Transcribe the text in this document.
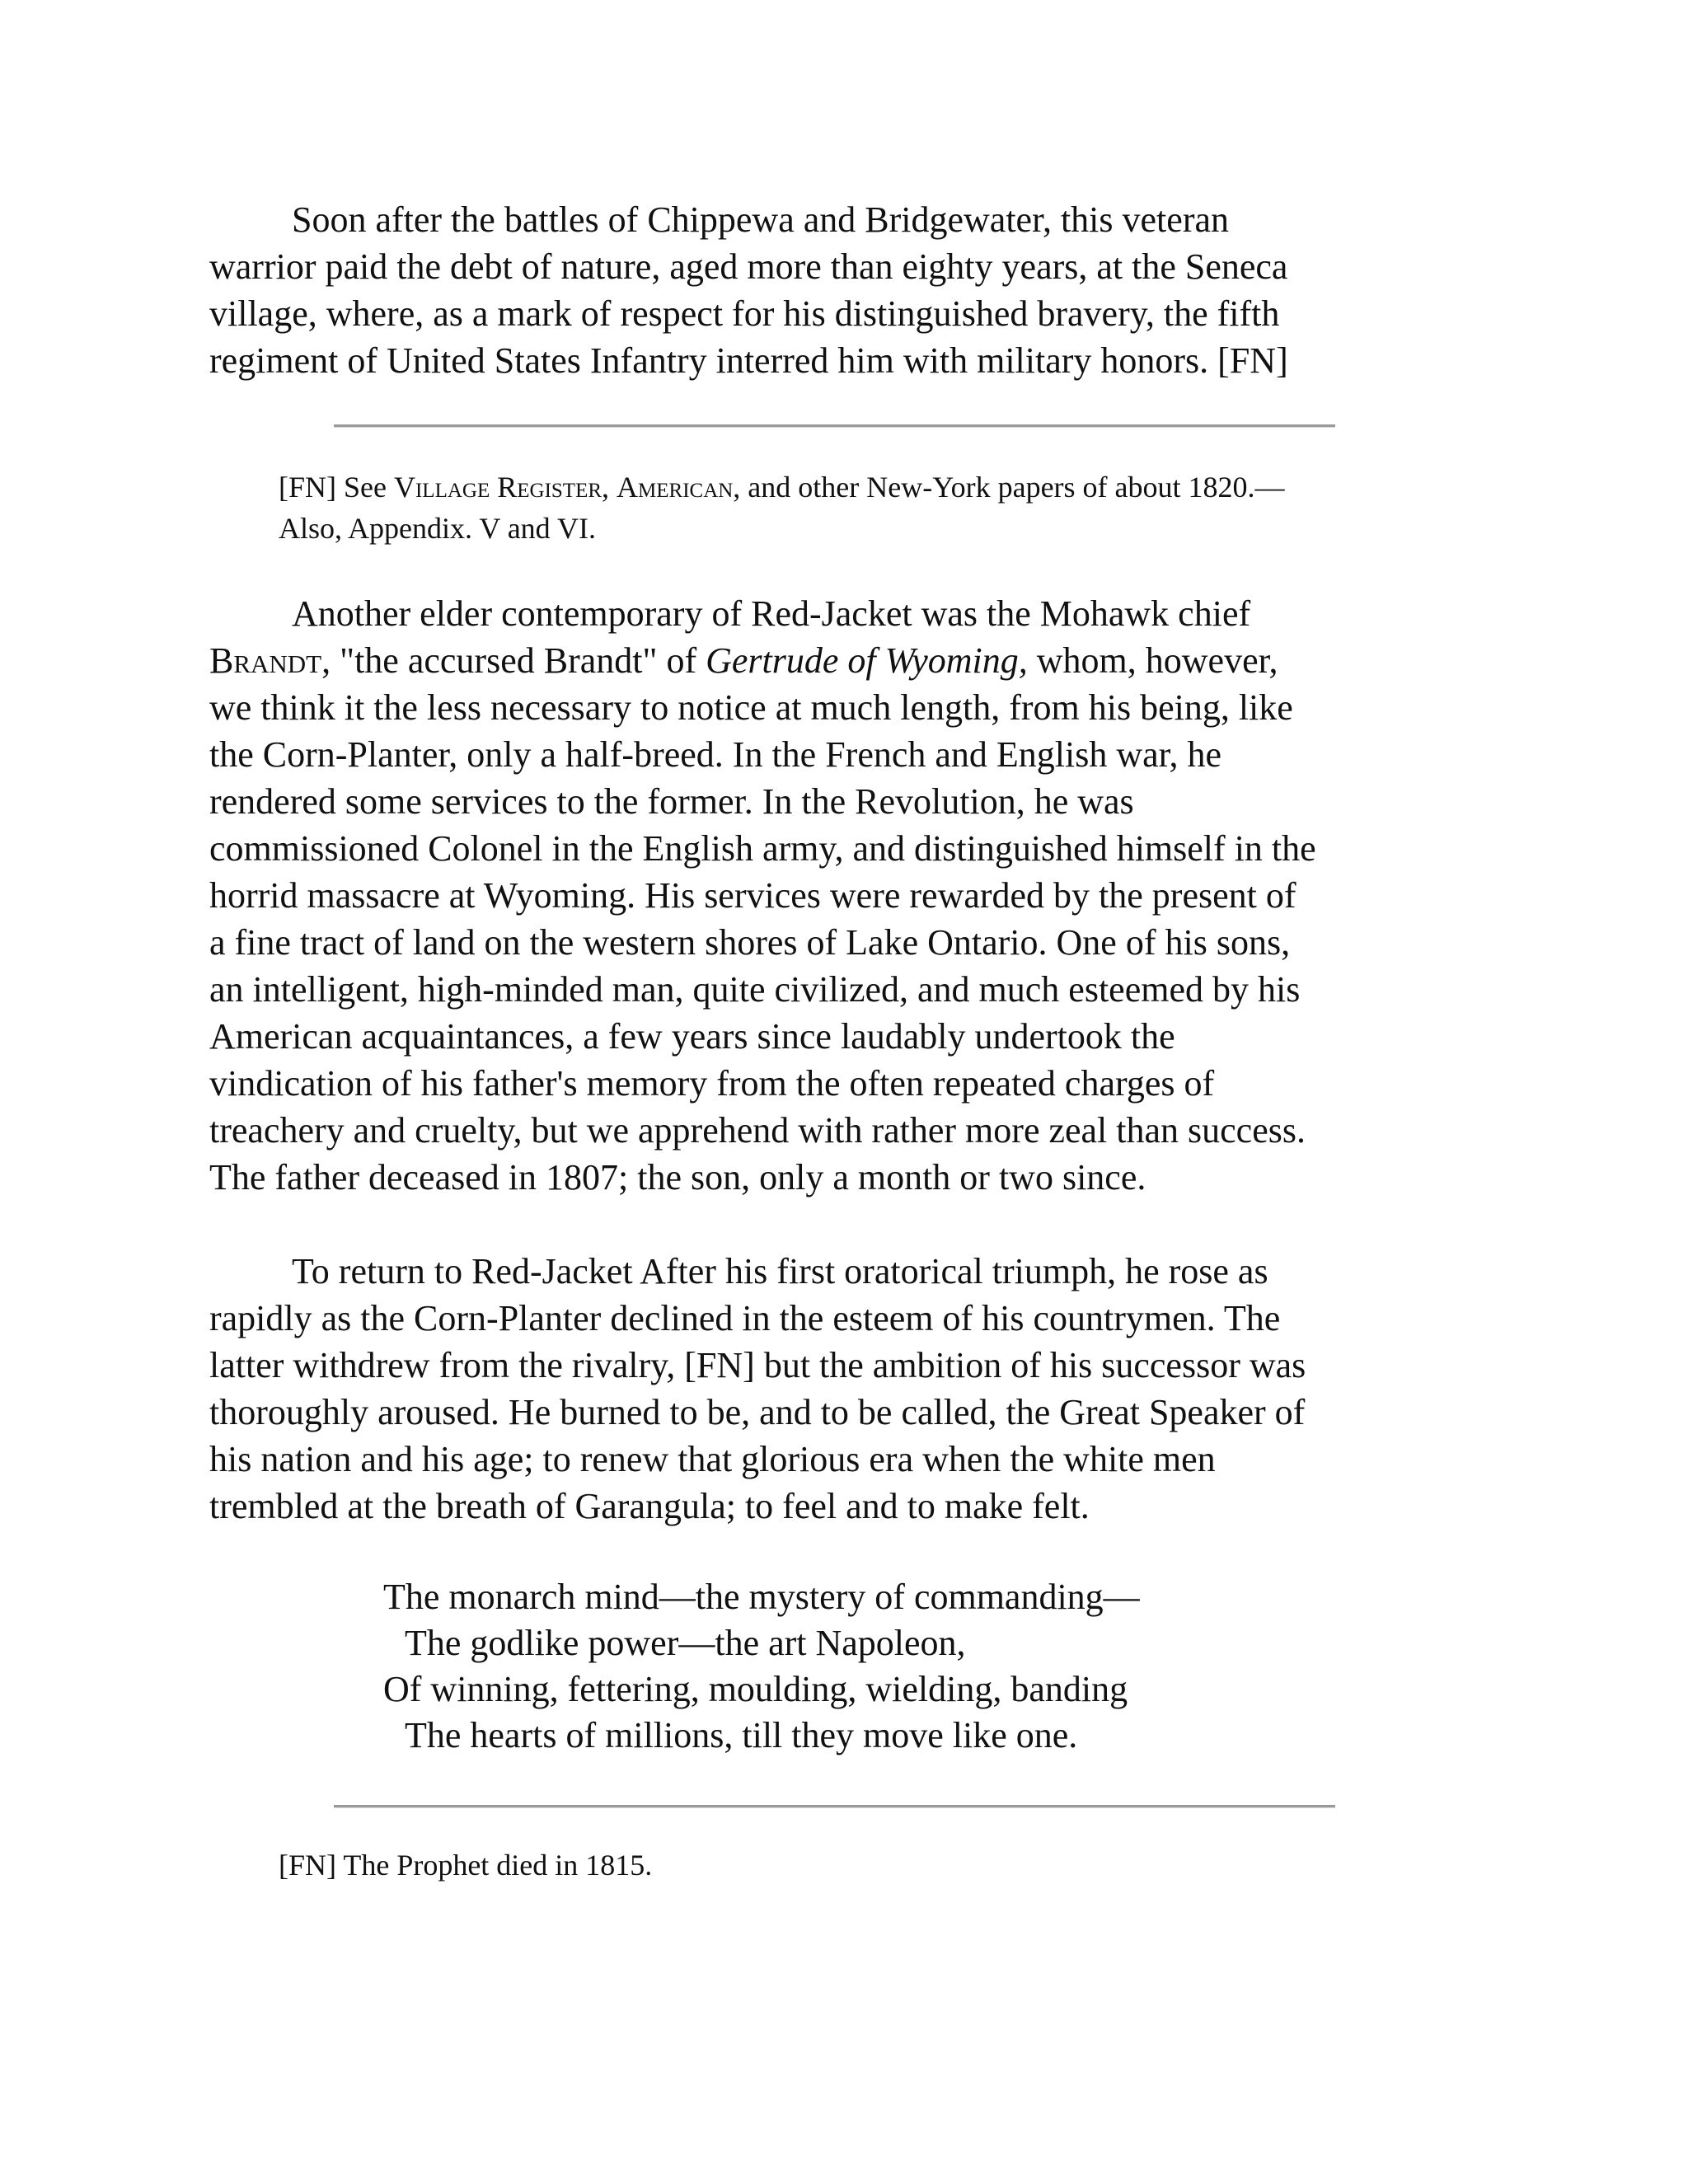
Soon after the battles of Chippewa and Bridgewater, this veteran
warrior paid the debt of nature, aged more than eighty years, at the Seneca
village, where, as a mark of respect for his distinguished bravery, the fifth
regiment of United States Infantry interred him with military honors. [FN]
[FN] See Village Register, American, and other New-York papers of about 1820.—
Also, Appendix. V and VI.
Another elder contemporary of Red-Jacket was the Mohawk chief
Brandt, "the accursed Brandt" of Gertrude of Wyoming, whom, however,
we think it the less necessary to notice at much length, from his being, like
the Corn-Planter, only a half-breed. In the French and English war, he
rendered some services to the former. In the Revolution, he was
commissioned Colonel in the English army, and distinguished himself in the
horrid massacre at Wyoming. His services were rewarded by the present of
a fine tract of land on the western shores of Lake Ontario. One of his sons,
an intelligent, high-minded man, quite civilized, and much esteemed by his
American acquaintances, a few years since laudably undertook the
vindication of his father's memory from the often repeated charges of
treachery and cruelty, but we apprehend with rather more zeal than success.
The father deceased in 1807; the son, only a month or two since.
To return to Red-Jacket After his first oratorical triumph, he rose as
rapidly as the Corn-Planter declined in the esteem of his countrymen. The
latter withdrew from the rivalry, [FN] but the ambition of his successor was
thoroughly aroused. He burned to be, and to be called, the Great Speaker of
his nation and his age; to renew that glorious era when the white men
trembled at the breath of Garangula; to feel and to make felt.
The monarch mind—the mystery of commanding—
The godlike power—the art Napoleon,
Of winning, fettering, moulding, wielding, banding
The hearts of millions, till they move like one.
[FN] The Prophet died in 1815.
